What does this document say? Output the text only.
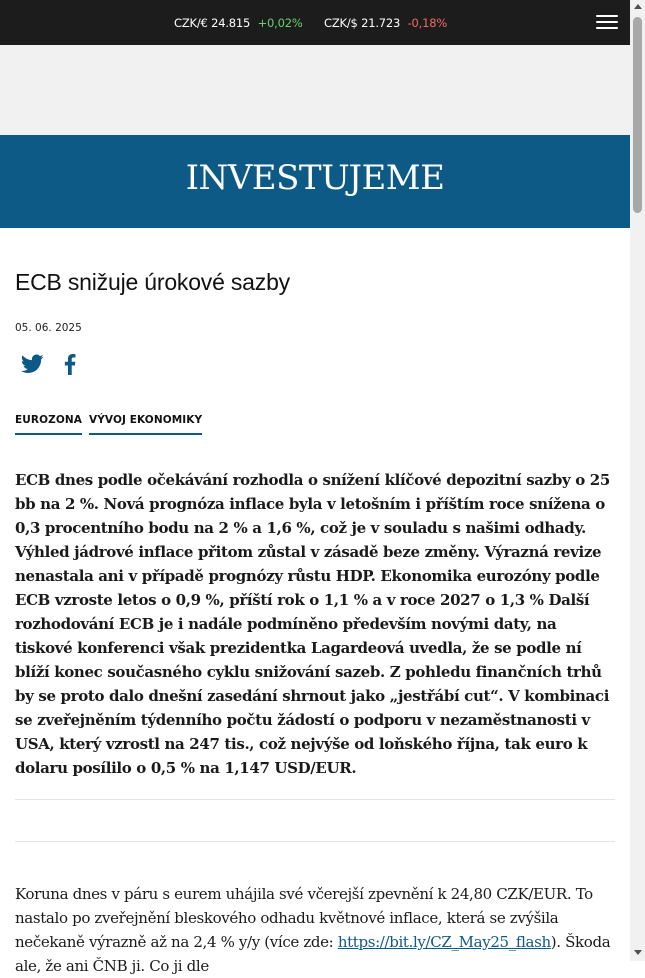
CZK/€ 24.815 +0,02% CZK/$ 21.723 -0,18%
INVESTUJEME
ECB snižuje úrokové sazby
05. 06. 2025
EUROZONA VÝVOJ EKONOMIKY

ECB dnes podle očekávání rozhodla o snížení klíčové depozitní sazby o 25 bb na 2 %. Nová prognóza inflace byla v letošním i příštím roce snížena o 0,3 procentního bodu na 2 % a 1,6 %, což je v souladu s našimi odhady. Výhled jádrové inflace přitom zůstal v zásadě beze změny. Výrazná revize nenastala ani v případě prognózy růstu HDP. Ekonomika eurozóny podle ECB vzroste letos o 0,9 %, příští rok o 1,1 % a v roce 2027 o 1,3 % Další rozhodování ECB je i nadále podmíněno především novými daty, na tiskové konferenci však prezidentka Lagardeová uvedla, že se podle ní blíží konec současného cyklu snižování sazeb. Z pohledu finančních trhů by se proto dalo dnešní zasedání shrnout jako „jestřábí cut“. V kombinaci se zveřejněním týdenního počtu žádostí o podporu v nezaměstnanosti v USA, který vzrostl na 247 tis., což nejvýše od loňského října, tak euro k dolaru posílilo o 0,5 % na 1,147 USD/EUR.

Koruna dnes v páru s eurem uhájila své včerejší zpevnění k 24,80 CZK/EUR. To nastalo po zveřejnění bleskového odhadu květnové inflace, která se zvýšila nečekaně výrazně až na 2,4 % y/y (více zde: https://bit.ly/CZ_May25_flash). Škoda ale, že ani ČNB ji. Co ji dle
